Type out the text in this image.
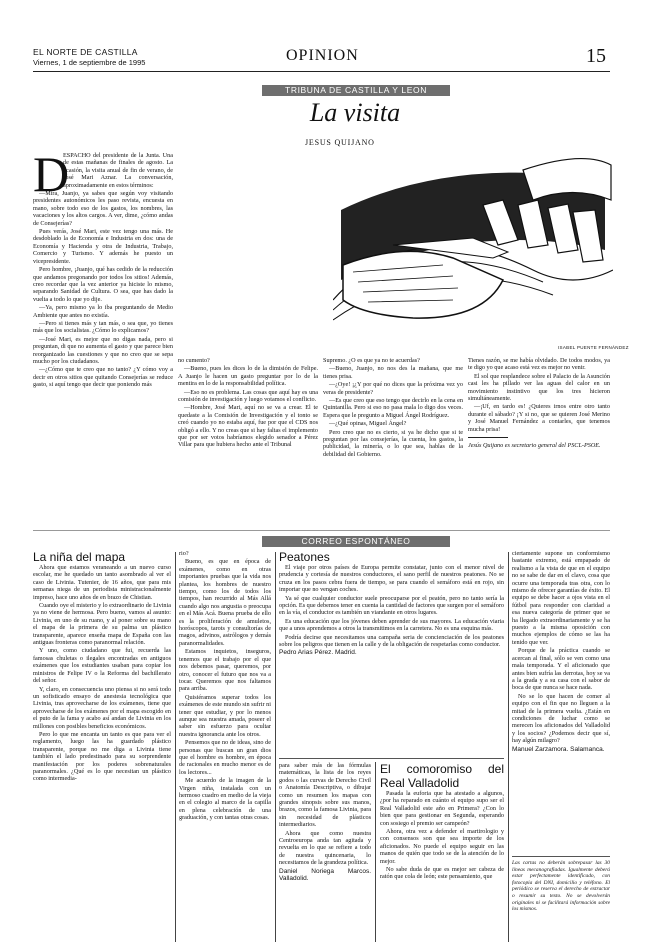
EL NORTE DE CASTILLA
Viernes, 1 de septiembre de 1995	OPINION	15
TRIBUNA DE CASTILLA Y LEON
La visita
JESUS QUIJANO
ISABEL PUENTE FERNÁNDEZ
D

ESPACHO del presidente de la Junta. Una de estas mañanas de finales de agosto. La ocasión, la visita anual de fin de verano, de José Mari Aznar. La conversación, aproximadamente en estos términos:

—Mira, Juanjo, ya sabes que según voy visitando presidentes autonómicos les paso revista, encuesta en mano, sobre todo eso de los gastos, los nombres, las vacaciones y los altos cargos. A ver, dime, ¿cómo andas de Consejerías?

Pues verás, José Mari, este vez tengo una más. He desdoblado la de Economía e Industria en dos: una de Economía y Hacienda y otra de Industria, Trabajo, Comercio y Turismo. Y además he puesto un vicepresidente.

Pero hombre, ¡Juanjo, qué has cedido de la reducción que andamos pregonando por todos los sitios! Además, creo recordar que la vez anterior ya hiciste lo mismo, separando Sanidad de Cultura. O sea, que has dado la vuelta a todo lo que yo dije.

—Ya, pero mismo ya lo iba preguntando de Medio Ambiente que antes no existía.

—Pero si tienes más y tan más, o sea que, yo tienes más que los socialistas. ¿Cómo lo explicamos?

—José Mari, es mejor que no digas nada, pero si preguntan, di que no aumenta el gasto y que parece bien reorganizado las cuestiones y que no creo que se sepa mucho por los ciudadanos.

—¿Cómo que te creo que no tanto? ¿Y cómo voy a decir en otros sitios que quitando Consejerías se reduce gasto, si aquí tengo que decir que poniendo más

no cumento?

—Bueno, pues les dices lo de la dimisión de Felipe. A Juanjo le hacen un gasto preguntar por lo de la mentira en lo de la responsabilidad política.

—Eso no es problema. Las cosas que aquí hay es una comisión de investigación y luego votamos el conflicto.

—Hombre, José Mari, aquí no se va a crear. El te quedaste a la Comisión de Investigación y el tonto se creó cuando yo no estaba aquí, fue por que el CDS nos obligó a ello. Y no creas que si hay faltas el implemento que por ser votos habríamos elegido senador a Pérez Villar para que hubiera hecho ante el Tribunal

Supremo. ¿O es que ya no te acuerdas?

—Bueno, Juanjo, no nos des la mañana, que me tienes prisa.

—¿Oye! ¡¿Y por qué no dices que la próxima vez yo veras de presidente?

—Es que creo que eso tengo que decirlo en la cena en Quintanilla. Pero si eso no pasa mala lo digo dos veces. Espera que le pregunto a Miguel Ángel Rodríguez.

—¿Qué opinas, Miguel Ángel?

Pero creo que no es cierto, si ya he dicho que si te preguntan por las consejerías, la cuenta, los gastos, la publicidad, la minería, o lo que sea, hablas de la debilidad del Gobierno.

Tienes razón, se me había olvidado. De todos modos, ya te digo yo que acaso está vez es mejor no venir.

El sol que resplandece sobre el Palacio de la Asunción casi les ha pillado ver las aguas del calor en un movimiento instintivo que los tres hicieron simultáneamente.

—¡Uf, en tardo es! ¿Quieres irnos entre otro tanto durante el sábado? ¡Y si no, que se quieren José Merino y José Manuel Fernández a contarles, que tenemos mucha prisa!

Jesús Quijano es secretario general del PSCL-PSOE.

CORREO ESPONTÁNEO
La niña del mapa

Ahora que estamos veraneando a un nuevo curso escolar, me he quedado un tanto asombrado al ver el caso de Livinia. Tutenier, de 16 años, que para mis semanas niega de un periodista ministracionalmente impreso, hace uno años de en brazo de Chistian.

Cuando oye el misterio y lo extraordinario de Livinia ya no viene de hermosa. Pero bueno, vamos al asunto: Livinia, en uno de su ruano, y al poner sobre su mano el mapa de la primera de su palma un plástico transparente, aparece enseña mapa de España con las antiguas fronteras como paranormal relación.

Y uno, como ciudadano que fui, recuerda las famosas chuletas o ilegales encontradas en antiguos exámenes que los estudiantes usaban para copiar los ministros de Felipe IV o la Reforma del bachillerato del señor.

Y, claro, en consecuencia uno piensa si no será todo un sofisticado ensayo de anestesia tecnológica que Livinia, tras aprovecharse de los exámenes, tiene que aprovecharse de los exámenes por el mapa escogido en el puto de la fama y acabo así andan de Livinia en los millones con posibles beneficios económicos.

Pero lo que me encanta un tanto es que para ver el reglamento, luego las ha guardado plástico transparente, porque no me diga a Livinia tiene también el lado predestinado para su sorprendente manifestación por los poderes sobrenaturales paranormales. ¿Qué es lo que necesitan un plástico como intermedia-

rio?

Bueno, es que en época de exámenes, como en otras importantes pruebas que la vida nos plantea, los hombres de nuestro tiempo, como los de todos los tiempos, han recurrido al Más Allá cuando algo nos angustia o preocupa en el Más Acá. Buena prueba de ello es la proliferación de amuletos, horóscopos, tarots y consultorías de magos, adivinos, astrólogos y demás paranormalidades.

Estamos inquietos, inseguros, tenemos que el trabajo por el que nos debemos pasar, queremos, por otro, conocer el futuro que nos va a tocar. Queremos que nos faltamos para arriba.

Quisiéramos superar todos los exámenes de este mundo sin sufrir ni tener que estudiar, y por lo menos aunque sea nuestra amada, poseer el saber sin esfuerzo para ocultar nuestra ignorancia ante los otros.

Pensemos que no de ideas, sino de personas que buscan un gran dios que el hombre es hombre, en época de racionales en mucho menor es de los lectores...

Me acuerdo de la imagen de la Virgen niña, instalada con un hermoso cuadro en medio de la vieja en el colegio al marco de la capilla en plena celebración de una graduación, y con tantas otras cosas.

Peatones

El viaje por otros países de Europa permite constatar, junto con el menor nivel de prudencia y cortesía de nuestros conductores, el sano perfil de nuestros peatones. No se cruza en los pasos cebra fuera de tiempo, se para cuando el semáforo está en rojo, sin importar que no vengan coches.

Ya sé que cualquier conductor suele preocuparse por el peatón, pero no tanto sería la opción. Es que debemos tener en cuenta la cantidad de factores que surgen por el semáforo en la vía, el conductor es también un viandante en otros lugares.

Es una educación que los jóvenes deben aprender de sus mayores. La educación viaria que a unos aprendemos a otros la transmitimos en la carretera. No es una esquina más.

Podría decirse que necesitamos una campaña seria de concienciación de los peatones sobre los peligros que tienen en la calle y de la obligación de respetarlas como conductor.

Pedro Arias Pérez. Madrid.

para saber más de las fórmulas matemáticas, la lista de los reyes godos o las curvas de Derecho Civil o Anatomía Descriptiva, o dibujar como un resumen los mapas con grandes sinopsis sobre sus manos, brazos, como la famosa Livinia, para sin necesidad de plásticos intermediarios.

Ahora que como nuestra Centroeuropa anda tan agitada y revuelta en lo que se refiere a todo de nuestra quincenaria, lo necesitamos de la grandeza política.

Daniel Noriega Marcos. Valladolid.

El comoromiso del Real Valladolid

Pasada la euforia que ha atestado a algunos, ¿por ha reparado en cuánto el equipo supo ser el Real Valladolid este año en Primera? ¿Con lo bien que para gestionar en Segunda, esperando con sosiego el premio ser campeón?

Ahora, otra vez a defender el martirologio y con consensos son que sea importe de los aficionados. No puede el equipo seguir en las manos de quién que todo se de la atención de lo mejor.

No sabe duda de que es mejor ser cabeza de ratón que cola de león; este pensamiento, que

ciertamente supone un conformismo bastante extremo, está empapado de realismo a la vista de que en el equipo no se sabe de dar en el clavo, cosa que ocurre una temporada tras otra, con lo mismo de ofrecer garantías de éxito. El equipo se debe hacer a ojos vista en el fútbol para responder con claridad a esa nueva categoría de primer que se ha llegado extraordinariamente y se ha puesto a la misma oposición con muchos ejemplos de cómo se las ha tenido que ver.

Porque de la práctica cuando se acercan al final, sólo se ven como una mala temporada. Y el aficionado que antes bien sufría las derrotas, hoy se va a la grada y a su casa con el sabor de boca de que nunca se hace nada.

No se lo que hacen de comer al equipo con el fin que no lleguen a la mitad de la primera vuelta. ¿Están en condiciones de luchar como se merecen los aficionados del Valladolid y los socios? ¿Podemos decir que sí, hay algún milagro?

Manuel Zarzamora. Salamanca.

Las cartas no deberán sobrepasar las 30 líneas mecanografiadas. Igualmente deberá estar perfectamente identificado, con fotocopia del DNI, domicilio y teléfono. El periódico se reserva el derecho de extractar o resumir su texto. No se devolverán originales ni se facilitará información sobre los mismos.
